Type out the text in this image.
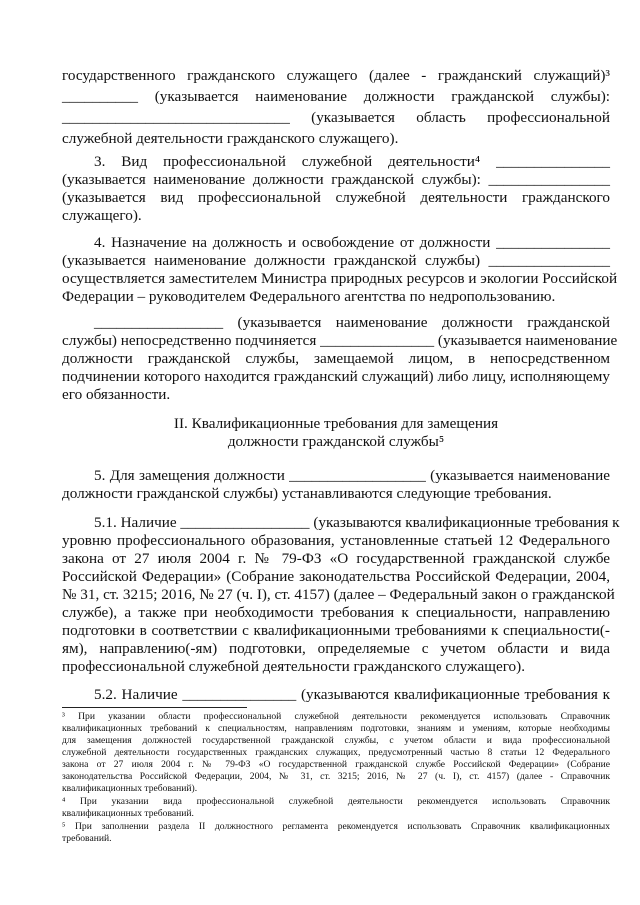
государственного гражданского служащего (далее - гражданский служащий)³
__________ (указывается наименование должности гражданской службы):
______________________________ (указывается область профессиональной
служебной деятельности гражданского служащего).
3. Вид профессиональной служебной деятельности⁴ _______________
(указывается наименование должности гражданской службы): ________________
(указывается вид профессиональной служебной деятельности гражданского
служащего).
4. Назначение на должность и освобождение от должности _______________
(указывается наименование должности гражданской службы) ________________
осуществляется заместителем Министра природных ресурсов и экологии Российской
Федерации – руководителем Федерального агентства по недропользованию.
_________________ (указывается наименование должности гражданской
службы) непосредственно подчиняется _______________ (указывается наименование
должности гражданской службы, замещаемой лицом, в непосредственном
подчинении которого находится гражданский служащий) либо лицу, исполняющему
его обязанности.
II. Квалификационные требования для замещения
должности гражданской службы⁵
5. Для замещения должности __________________ (указывается наименование
должности гражданской службы) устанавливаются следующие требования.
5.1. Наличие _________________ (указываются квалификационные требования к
уровню профессионального образования, установленные статьей 12 Федерального
закона от 27 июля 2004 г. № 79-ФЗ «О государственной гражданской службе
Российской Федерации» (Собрание законодательства Российской Федерации, 2004,
№ 31, ст. 3215; 2016, № 27 (ч. I), ст. 4157) (далее – Федеральный закон о гражданской
службе), а также при необходимости требования к специальности, направлению
подготовки в соответствии с квалификационными требованиями к специальности(-
ям), направлению(-ям) подготовки, определяемые с учетом области и вида
профессиональной служебной деятельности гражданского служащего).
5.2. Наличие _______________ (указываются квалификационные требования к
³ При указании области профессиональной служебной деятельности рекомендуется использовать Справочник
квалификационных требований к специальностям, направлениям подготовки, знаниям и умениям, которые необходимы
для замещения должностей государственной гражданской службы, с учетом области и вида профессиональной
служебной деятельности государственных гражданских служащих, предусмотренный частью 8 статьи 12 Федерального
закона от 27 июля 2004 г. № 79-ФЗ «О государственной гражданской службе Российской Федерации» (Собрание
законодательства Российской Федерации, 2004, № 31, ст. 3215; 2016, № 27 (ч. I), ст. 4157) (далее - Справочник
квалификационных требований).
⁴ При указании вида профессиональной служебной деятельности рекомендуется использовать Справочник
квалификационных требований.
⁵ При заполнении раздела II должностного регламента рекомендуется использовать Справочник квалификационных
требований.
